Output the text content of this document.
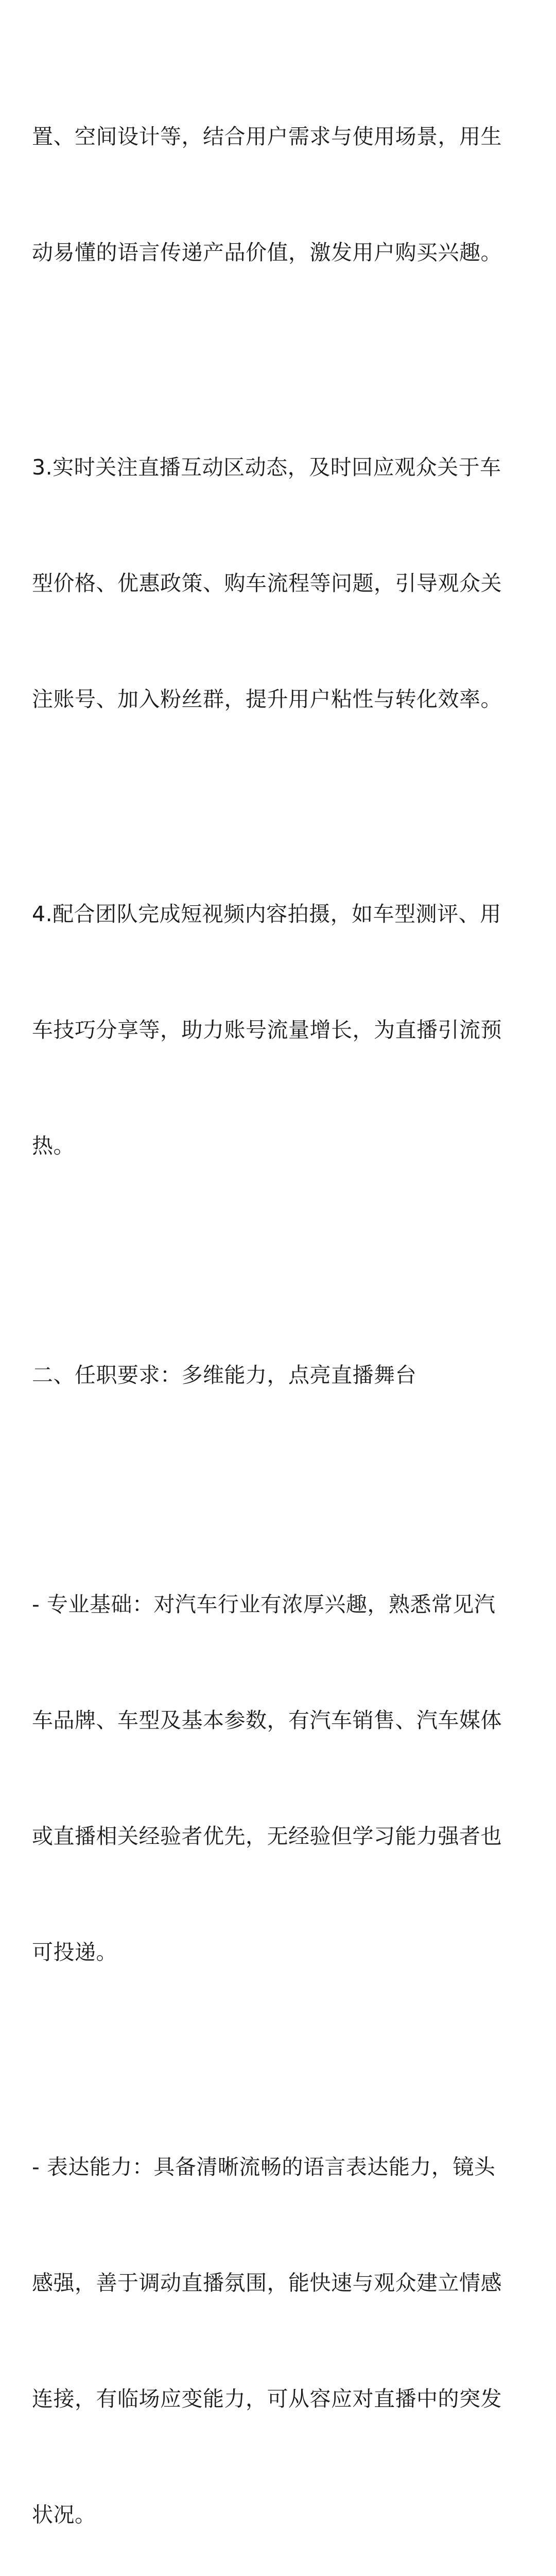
置、空间设计等，结合用户需求与使用场景，用生

动易懂的语言传递产品价值，激发用户购买兴趣。

3.实时关注直播互动区动态，及时回应观众关于车

型价格、优惠政策、购车流程等问题，引导观众关

注账号、加入粉丝群，提升用户粘性与转化效率。

4.配合团队完成短视频内容拍摄，如车型测评、用

车技巧分享等，助力账号流量增长，为直播引流预

热。

二、任职要求：多维能力，点亮直播舞台

- 专业基础：对汽车行业有浓厚兴趣，熟悉常见汽

车品牌、车型及基本参数，有汽车销售、汽车媒体

或直播相关经验者优先，无经验但学习能力强者也

可投递。

- 表达能力：具备清晰流畅的语言表达能力，镜头

感强，善于调动直播氛围，能快速与观众建立情感

连接，有临场应变能力，可从容应对直播中的突发

状况。
